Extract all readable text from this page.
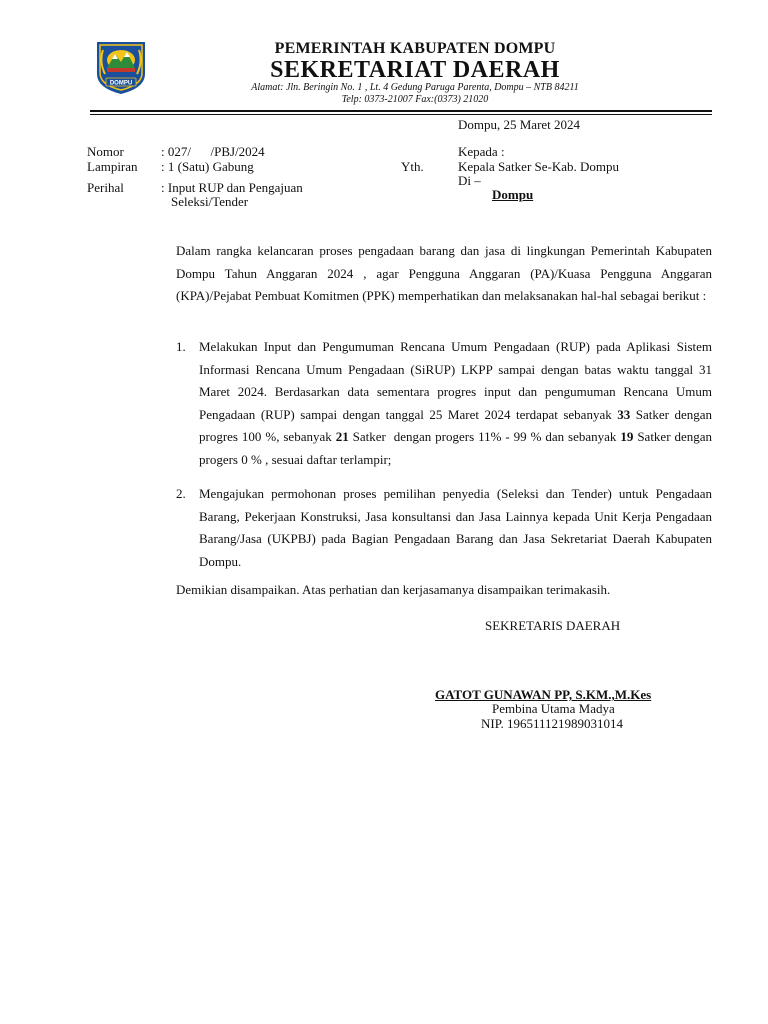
DOMPU
PEMERINTAH KABUPATEN DOMPU
SEKRETARIAT DAERAH
Alamat: Jln. Beringin No. 1 , Lt. 4 Gedung Paruga Parenta, Dompu – NTB 84211
Telp: 0373-21007 Fax:(0373) 21020
Dompu, 25 Maret 2024
Nomor	: 027/      /PBJ/2024
Lampiran : 1 (Satu) Gabung
Perihal	: Input RUP dan Pengajuan
Seleksi/Tender
Yth.
Kepada :
Kepala Satker Se-Kab. Dompu
Di –
Dompu
Dalam rangka kelancaran proses pengadaan barang dan jasa di lingkungan Pemerintah Kabupaten Dompu Tahun Anggaran 2024 , agar Pengguna Anggaran (PA)/Kuasa Pengguna Anggaran (KPA)/Pejabat Pembuat Komitmen (PPK) memperhatikan dan melaksanakan hal-hal sebagai berikut :
1.	Melakukan Input dan Pengumuman Rencana Umum Pengadaan (RUP) pada Aplikasi Sistem Informasi Rencana Umum Pengadaan (SiRUP) LKPP sampai dengan batas waktu tanggal 31 Maret 2024. Berdasarkan data sementara progres input dan pengumuman Rencana Umum Pengadaan (RUP) sampai dengan tanggal 25 Maret 2024 terdapat sebanyak 33 Satker dengan progres 100 %, sebanyak 21 Satker  dengan progers 11% - 99 % dan sebanyak 19 Satker dengan progers 0 % , sesuai daftar terlampir;
2.	Mengajukan permohonan proses pemilihan penyedia (Seleksi dan Tender) untuk Pengadaan Barang, Pekerjaan Konstruksi, Jasa konsultansi dan Jasa Lainnya kepada Unit Kerja Pengadaan Barang/Jasa (UKPBJ) pada Bagian Pengadaan Barang dan Jasa Sekretariat Daerah Kabupaten Dompu.
Demikian disampaikan. Atas perhatian dan kerjasamanya disampaikan terimakasih.
SEKRETARIS DAERAH
GATOT GUNAWAN PP, S.KM.,M.Kes
Pembina Utama Madya
NIP. 196511121989031014
